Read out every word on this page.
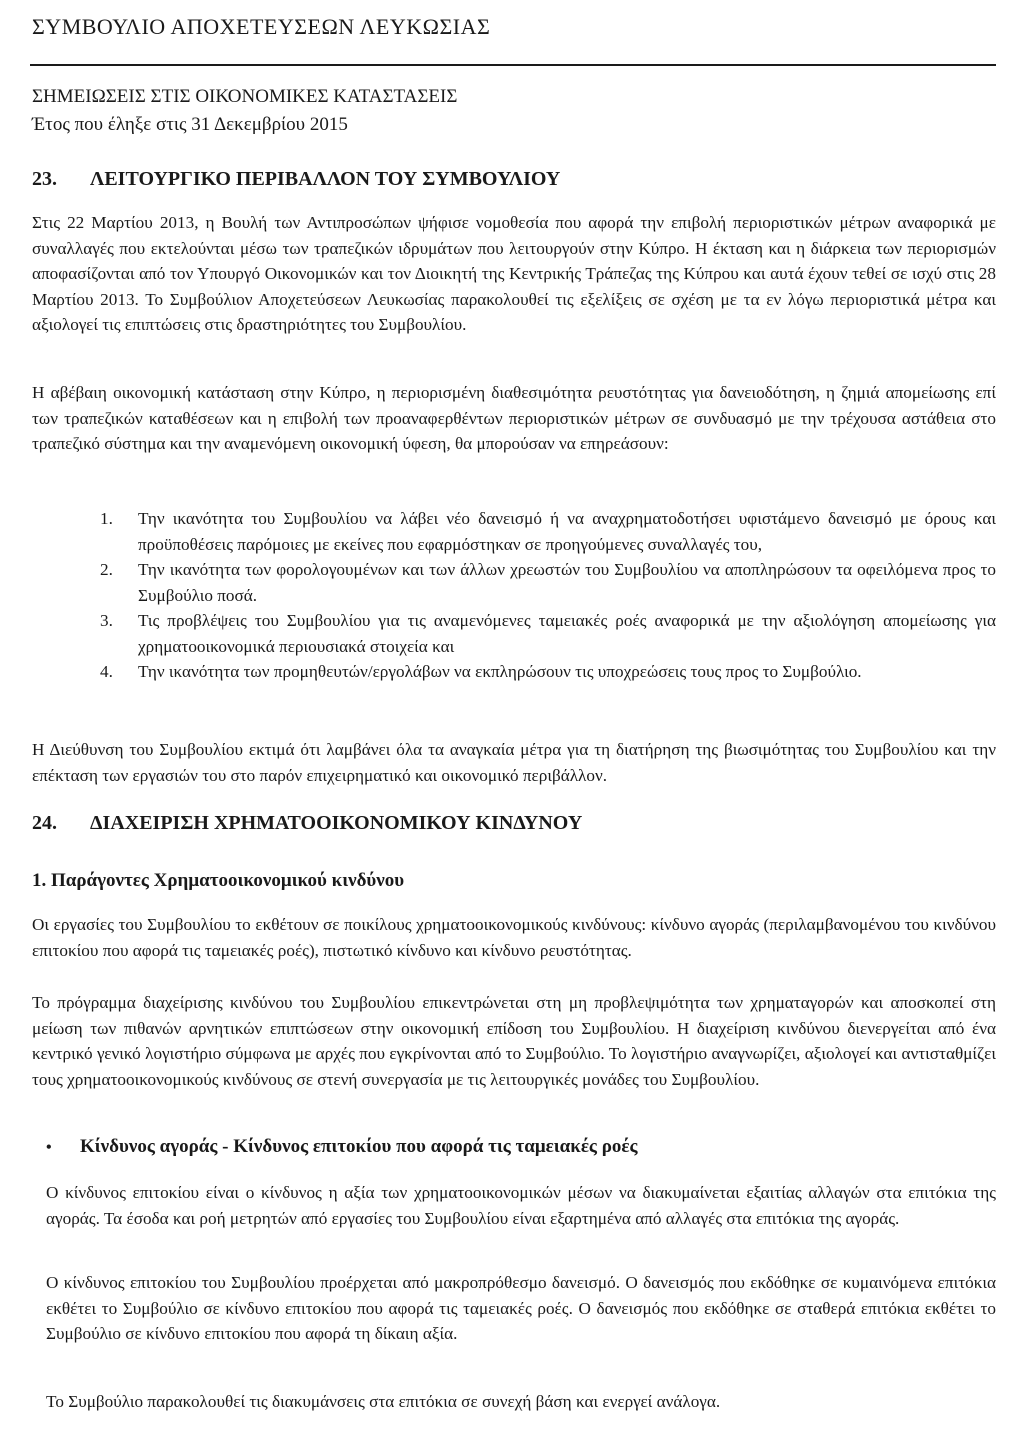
ΣΥΜΒΟΥΛΙΟ ΑΠΟΧΕΤΕΥΣΕΩΝ ΛΕΥΚΩΣΙΑΣ
ΣΗΜΕΙΩΣΕΙΣ ΣΤΙΣ ΟΙΚΟΝΟΜΙΚΕΣ ΚΑΤΑΣΤΑΣΕΙΣ
Έτος που έληξε στις 31 Δεκεμβρίου 2015
23. ΛΕΙΤΟΥΡΓΙΚΟ ΠΕΡΙΒΑΛΛΟΝ ΤΟΥ ΣΥΜΒΟΥΛΙΟΥ

Στις 22 Μαρτίου 2013, η Βουλή των Αντιπροσώπων ψήφισε νομοθεσία που αφορά την επιβολή περιοριστικών μέτρων αναφορικά με συναλλαγές που εκτελούνται μέσω των τραπεζικών ιδρυμάτων που λειτουργούν στην Κύπρο. Η έκταση και η διάρκεια των περιορισμών αποφασίζονται από τον Υπουργό Οικονομικών και τον Διοικητή της Κεντρικής Τράπεζας της Κύπρου και αυτά έχουν τεθεί σε ισχύ στις 28 Μαρτίου 2013. Το Συμβούλιον Αποχετεύσεων Λευκωσίας παρακολουθεί τις εξελίξεις σε σχέση με τα εν λόγω περιοριστικά μέτρα και αξιολογεί τις επιπτώσεις στις δραστηριότητες του Συμβουλίου.

Η αβέβαιη οικονομική κατάσταση στην Κύπρο, η περιορισμένη διαθεσιμότητα ρευστότητας για δανειοδότηση, η ζημιά απομείωσης επί των τραπεζικών καταθέσεων και η επιβολή των προαναφερθέντων περιοριστικών μέτρων σε συνδυασμό με την τρέχουσα αστάθεια στο τραπεζικό σύστημα και την αναμενόμενη οικονομική ύφεση, θα μπορούσαν να επηρεάσουν:

1. Την ικανότητα του Συμβουλίου να λάβει νέο δανεισμό ή να αναχρηματοδοτήσει υφιστάμενο δανεισμό με όρους και προϋποθέσεις παρόμοιες με εκείνες που εφαρμόστηκαν σε προηγούμενες συναλλαγές του,
2. Την ικανότητα των φορολογουμένων και των άλλων χρεωστών του Συμβουλίου να αποπληρώσουν τα οφειλόμενα προς το Συμβούλιο ποσά.
3. Τις προβλέψεις του Συμβουλίου για τις αναμενόμενες ταμειακές ροές αναφορικά με την αξιολόγηση απομείωσης για χρηματοοικονομικά περιουσιακά στοιχεία και
4. Την ικανότητα των προμηθευτών/εργολάβων να εκπληρώσουν τις υποχρεώσεις τους προς το Συμβούλιο.

Η Διεύθυνση του Συμβουλίου εκτιμά ότι λαμβάνει όλα τα αναγκαία μέτρα για τη διατήρηση της βιωσιμότητας του Συμβουλίου και την επέκταση των εργασιών του στο παρόν επιχειρηματικό και οικονομικό περιβάλλον.

24. ΔΙΑΧΕΙΡΙΣΗ ΧΡΗΜΑΤΟΟΙΚΟΝΟΜΙΚΟΥ ΚΙΝΔΥΝΟΥ
1. Παράγοντες Χρηματοοικονομικού κινδύνου

Οι εργασίες του Συμβουλίου το εκθέτουν σε ποικίλους χρηματοοικονομικούς κινδύνους: κίνδυνο αγοράς (περιλαμβανομένου του κινδύνου επιτοκίου που αφορά τις ταμειακές ροές), πιστωτικό κίνδυνο και κίνδυνο ρευστότητας.

Το πρόγραμμα διαχείρισης κινδύνου του Συμβουλίου επικεντρώνεται στη μη προβλεψιμότητα των χρηματαγορών και αποσκοπεί στη μείωση των πιθανών αρνητικών επιπτώσεων στην οικονομική επίδοση του Συμβουλίου. Η διαχείριση κινδύνου διενεργείται από ένα κεντρικό γενικό λογιστήριο σύμφωνα με αρχές που εγκρίνονται από το Συμβούλιο. Το λογιστήριο αναγνωρίζει, αξιολογεί και αντισταθμίζει τους χρηματοοικονομικούς κινδύνους σε στενή συνεργασία με τις λειτουργικές μονάδες του Συμβουλίου.

• Κίνδυνος αγοράς - Κίνδυνος επιτοκίου που αφορά τις ταμειακές ροές

Ο κίνδυνος επιτοκίου είναι ο κίνδυνος η αξία των χρηματοοικονομικών μέσων να διακυμαίνεται εξαιτίας αλλαγών στα επιτόκια της αγοράς. Τα έσοδα και ροή μετρητών από εργασίες του Συμβουλίου είναι εξαρτημένα από αλλαγές στα επιτόκια της αγοράς.

Ο κίνδυνος επιτοκίου του Συμβουλίου προέρχεται από μακροπρόθεσμο δανεισμό. Ο δανεισμός που εκδόθηκε σε κυμαινόμενα επιτόκια εκθέτει το Συμβούλιο σε κίνδυνο επιτοκίου που αφορά τις ταμειακές ροές. Ο δανεισμός που εκδόθηκε σε σταθερά επιτόκια εκθέτει το Συμβούλιο σε κίνδυνο επιτοκίου που αφορά τη δίκαιη αξία.

Το Συμβούλιο παρακολουθεί τις διακυμάνσεις στα επιτόκια σε συνεχή βάση και ενεργεί ανάλογα.
